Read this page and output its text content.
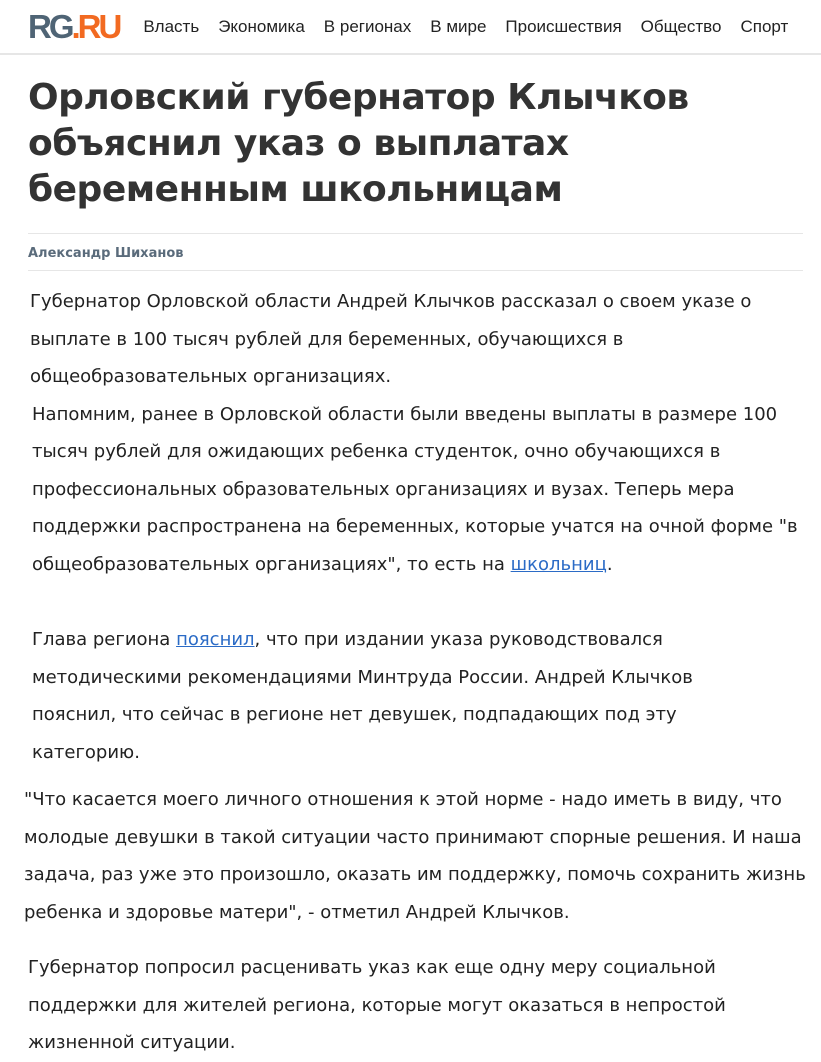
RG.RU Власть Экономика В регионах В мире Происшествия Общество Спорт
Орловский губернатор Клычков объяснил указ о выплатах беременным школьницам
Александр Шиханов

Губернатор Орловской области Андрей Клычков рассказал о своем указе о выплате в 100 тысяч рублей для беременных, обучающихся в общеобразовательных организациях.

Напомним, ранее в Орловской области были введены выплаты в размере 100 тысяч рублей для ожидающих ребенка студенток, очно обучающихся в профессиональных образовательных организациях и вузах. Теперь мера поддержки распространена на беременных, которые учатся на очной форме "в общеобразовательных организациях", то есть на школьниц.

Глава региона пояснил, что при издании указа руководствовался методическими рекомендациями Минтруда России. Андрей Клычков пояснил, что сейчас в регионе нет девушек, подпадающих под эту категорию.

"Что касается моего личного отношения к этой норме - надо иметь в виду, что молодые девушки в такой ситуации часто принимают спорные решения. И наша задача, раз уже это произошло, оказать им поддержку, помочь сохранить жизнь ребенка и здоровье матери", - отметил Андрей Клычков.

Губернатор попросил расценивать указ как еще одну меру социальной поддержки для жителей региона, которые могут оказаться в непростой жизненной ситуации.
